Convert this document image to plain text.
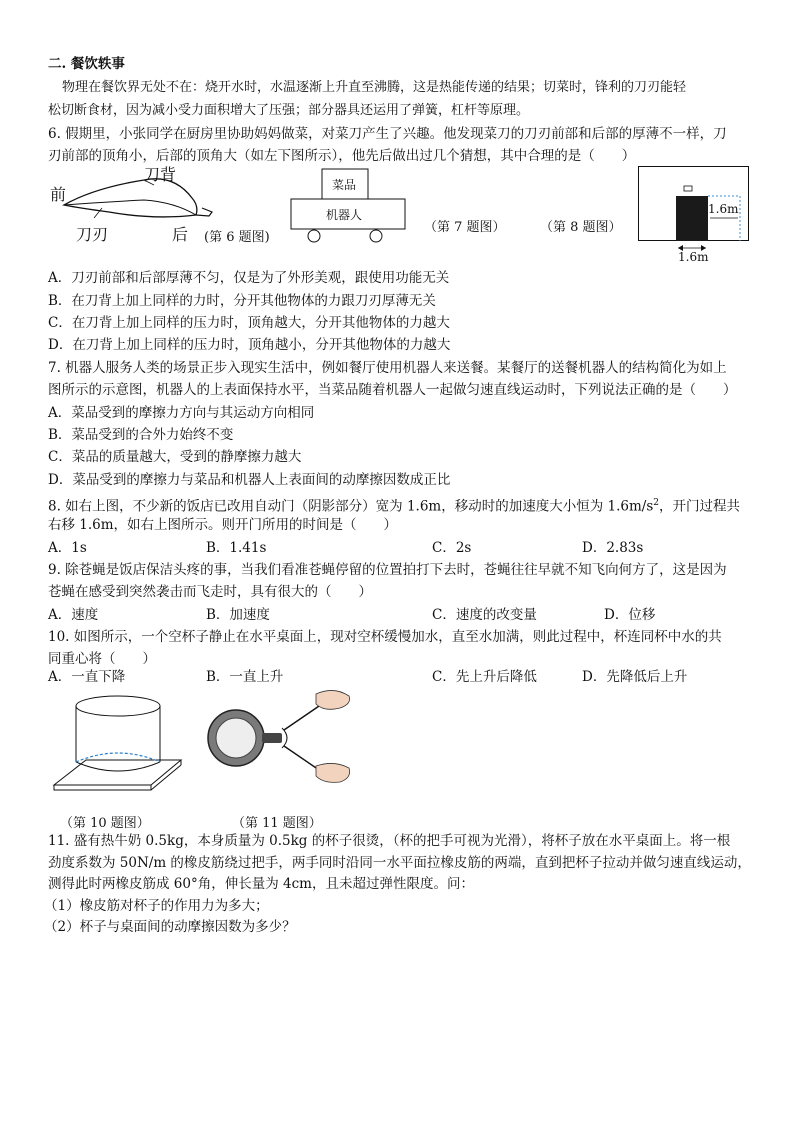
二. 餐饮轶事
物理在餐饮界无处不在：烧开水时，水温逐渐上升直至沸腾，这是热能传递的结果；切菜时，锋利的刀刃能轻
松切断食材，因为减小受力面积增大了压强；部分器具还运用了弹簧，杠杆等原理。
6. 假期里，小张同学在厨房里协助妈妈做菜，对菜刀产生了兴趣。他发现菜刀的刀刃前部和后部的厚薄不一样，刀
刃前部的顶角小，后部的顶角大（如左下图所示），他先后做出过几个猜想，其中合理的是（　　）
前
刀背
刀刃	后 (第 6 题图)
菜品
机器人
（第 7 题图）	（第 8 题图）
1.6m
1.6m
A．刀刃前部和后部厚薄不匀，仅是为了外形美观，跟使用功能无关
B．在刀背上加上同样的力时，分开其他物体的力跟刀刃厚薄无关
C．在刀背上加上同样的压力时，顶角越大，分开其他物体的力越大
D．在刀背上加上同样的压力时，顶角越小，分开其他物体的力越大
7. 机器人服务人类的场景正步入现实生活中，例如餐厅使用机器人来送餐。某餐厅的送餐机器人的结构简化为如上
图所示的示意图，机器人的上表面保持水平，当菜品随着机器人一起做匀速直线运动时，下列说法正确的是（　　）
A．菜品受到的摩擦力方向与其运动方向相同
B．菜品受到的合外力始终不变
C．菜品的质量越大，受到的静摩擦力越大
D．菜品受到的摩擦力与菜品和机器人上表面间的动摩擦因数成正比
8. 如右上图，不少新的饭店已改用自动门（阴影部分）宽为 1.6m，移动时的加速度大小恒为 $1.6m/s^2$，开门过程共
右移 1.6m，如右上图所示。则开门所用的时间是（　　）
A．1s	B．1.41s	C．2s	D．2.83s
9. 除苍蝇是饭店保洁头疼的事，当我们看准苍蝇停留的位置拍打下去时，苍蝇往往早就不知飞向何方了，这是因为
苍蝇在感受到突然袭击而飞走时，具有很大的（　　）
A．速度	B．加速度	C．速度的改变量	D．位移
10. 如图所示，一个空杯子静止在水平桌面上，现对空杯缓慢加水，直至水加满，则此过程中，杯连同杯中水的共
同重心将（　　）
A．一直下降	B．一直上升	C．先上升后降低	D．先降低后上升
（第 10 题图）	（第 11 题图）
11. 盛有热牛奶 0.5kg，本身质量为 0.5kg 的杯子很烫，（杯的把手可视为光滑），将杯子放在水平桌面上。将一根
劲度系数为 50N/m 的橡皮筋绕过把手，两手同时沿同一水平面拉橡皮筋的两端，直到把杯子拉动并做匀速直线运动，
测得此时两橡皮筋成 60°角，伸长量为 4cm，且未超过弹性限度。问：
（1）橡皮筋对杯子的作用力为多大；
（2）杯子与桌面间的动摩擦因数为多少？
